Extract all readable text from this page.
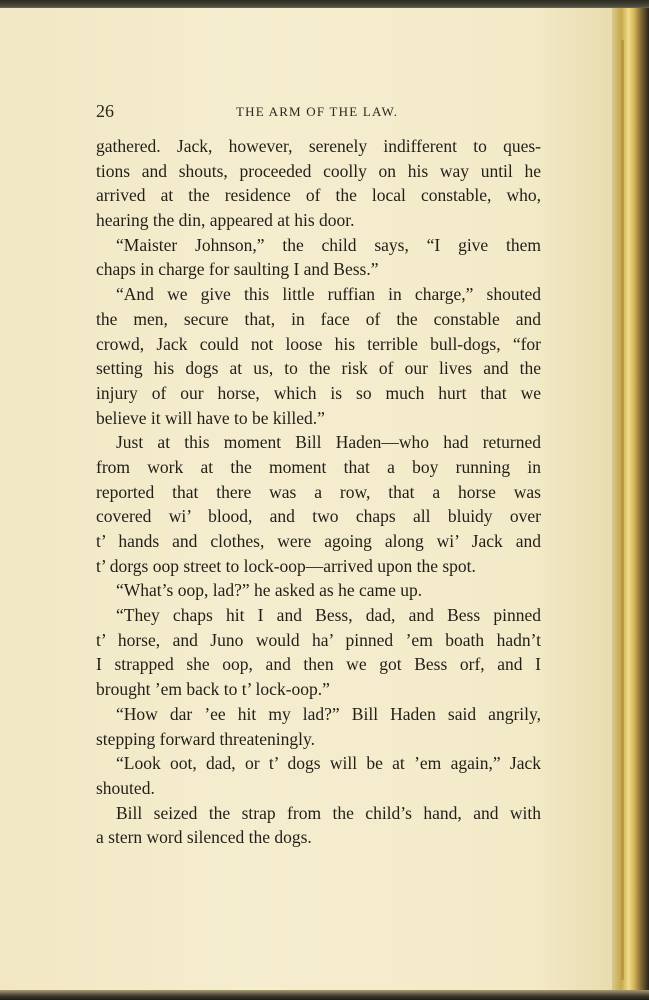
26	THE ARM OF THE LAW.
gathered. Jack, however, serenely indifferent to ques-
tions and shouts, proceeded coolly on his way until he
arrived at the residence of the local constable, who,
hearing the din, appeared at his door.
“Maister Johnson,” the child says, “I give them
chaps in charge for saulting I and Bess.”
“And we give this little ruffian in charge,” shouted
the men, secure that, in face of the constable and
crowd, Jack could not loose his terrible bull-dogs, “for
setting his dogs at us, to the risk of our lives and the
injury of our horse, which is so much hurt that we
believe it will have to be killed.”
Just at this moment Bill Haden—who had returned
from work at the moment that a boy running in
reported that there was a row, that a horse was
covered wi’ blood, and two chaps all bluidy over
t’ hands and clothes, were agoing along wi’ Jack and
t’ dorgs oop street to lock-oop—arrived upon the spot.
“What’s oop, lad?” he asked as he came up.
“They chaps hit I and Bess, dad, and Bess pinned
t’ horse, and Juno would ha’ pinned ’em boath hadn’t
I strapped she oop, and then we got Bess orf, and I
brought ’em back to t’ lock-oop.”
“How dar ’ee hit my lad?” Bill Haden said angrily,
stepping forward threateningly.
“Look oot, dad, or t’ dogs will be at ’em again,” Jack
shouted.
Bill seized the strap from the child’s hand, and with
a stern word silenced the dogs.
